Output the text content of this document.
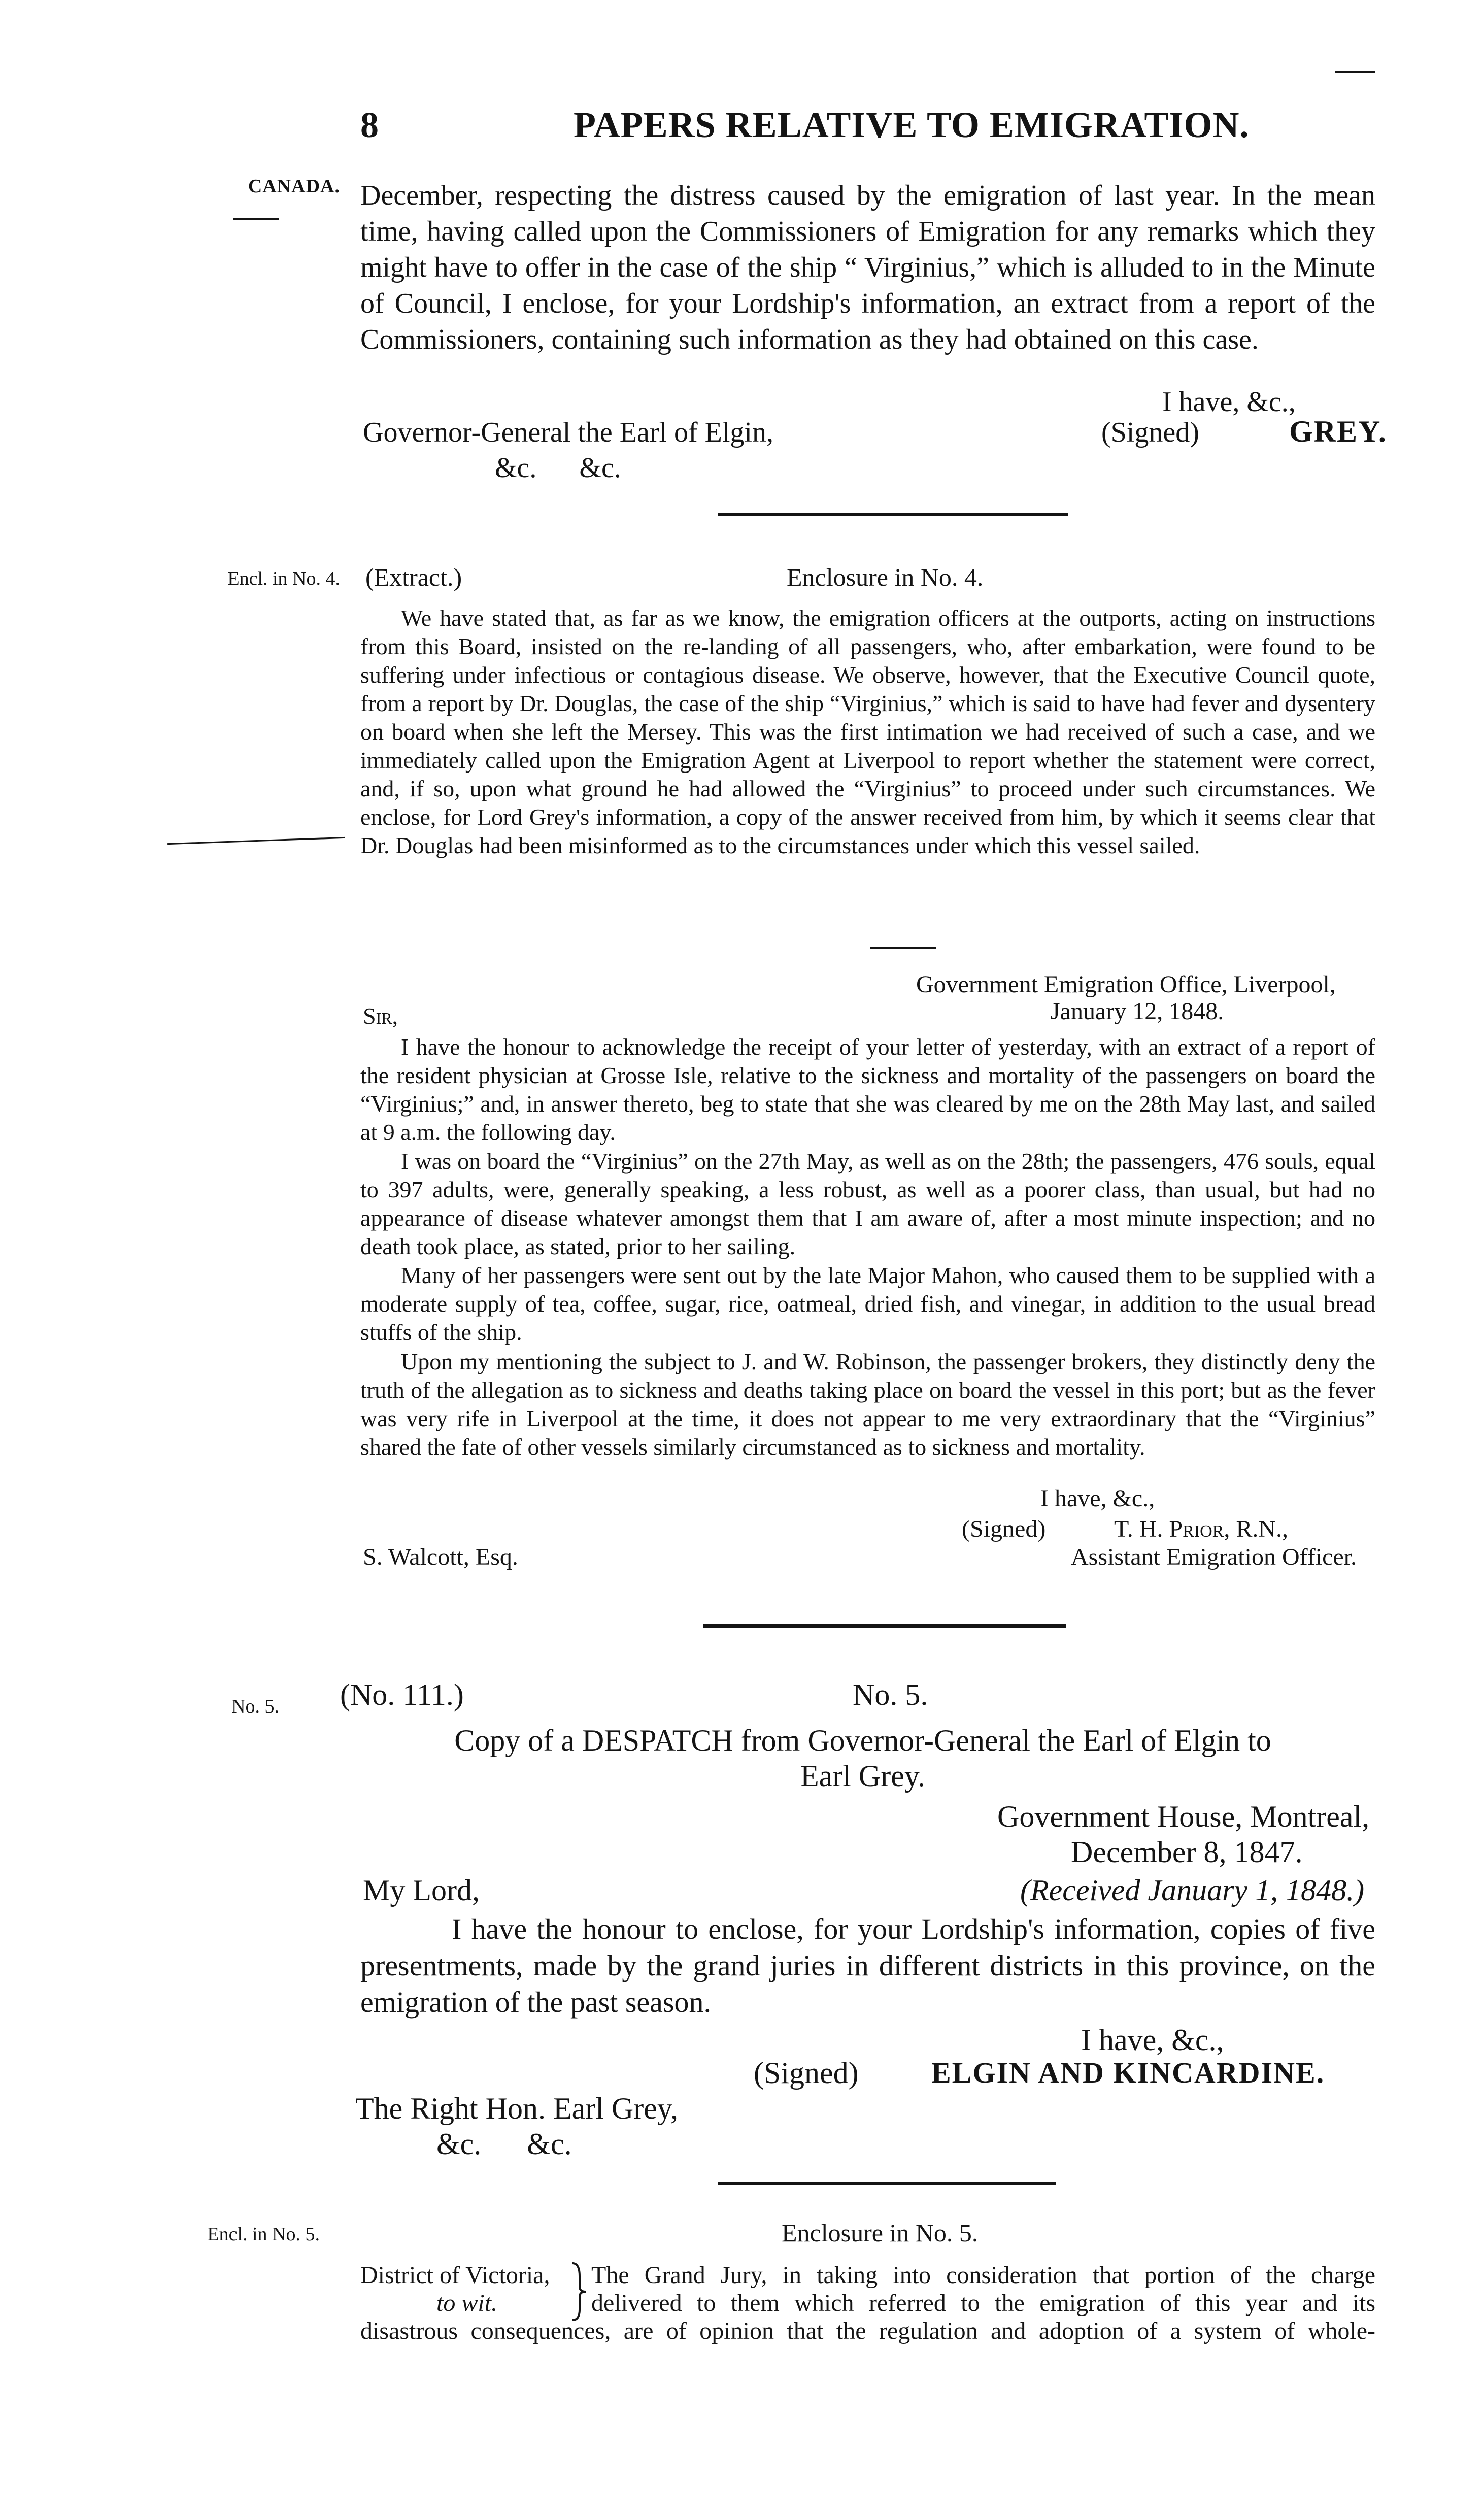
8	PAPERS RELATIVE TO EMIGRATION.
CANADA.
Encl. in No. 4.
No. 5.
Encl. in No. 5.
December, respecting the distress caused by the emigration of last year. In the mean time, having called upon the Commissioners of Emigration for any remarks which they might have to offer in the case of the ship “ Virginius,” which is alluded to in the Minute of Council, I enclose, for your Lordship's information, an extract from a report of the Commissioners, containing such information as they had obtained on this case.
I have, &c.,
(Signed)	GREY.
Governor-General the Earl of Elgin,
&c.      &c.
(Extract.)	Enclosure in No. 4.
We have stated that, as far as we know, the emigration officers at the outports, acting on instructions from this Board, insisted on the re-landing of all passengers, who, after embarkation, were found to be suffering under infectious or contagious disease. We observe, however, that the Executive Council quote, from a report by Dr. Douglas, the case of the ship “Virginius,” which is said to have had fever and dysentery on board when she left the Mersey. This was the first intimation we had received of such a case, and we immediately called upon the Emigration Agent at Liverpool to report whether the statement were correct, and, if so, upon what ground he had allowed the “Virginius” to proceed under such circumstances. We enclose, for Lord Grey's information, a copy of the answer received from him, by which it seems clear that Dr. Douglas had been misinformed as to the circumstances under which this vessel sailed.
Government Emigration Office, Liverpool,
January 12, 1848.
Sir,
I have the honour to acknowledge the receipt of your letter of yesterday, with an extract of a report of the resident physician at Grosse Isle, relative to the sickness and mortality of the passengers on board the “Virginius;” and, in answer thereto, beg to state that she was cleared by me on the 28th May last, and sailed at 9 a.m. the following day.
I was on board the “Virginius” on the 27th May, as well as on the 28th; the passengers, 476 souls, equal to 397 adults, were, generally speaking, a less robust, as well as a poorer class, than usual, but had no appearance of disease whatever amongst them that I am aware of, after a most minute inspection; and no death took place, as stated, prior to her sailing.
Many of her passengers were sent out by the late Major Mahon, who caused them to be supplied with a moderate supply of tea, coffee, sugar, rice, oatmeal, dried fish, and vinegar, in addition to the usual bread stuffs of the ship.
Upon my mentioning the subject to J. and W. Robinson, the passenger brokers, they distinctly deny the truth of the allegation as to sickness and deaths taking place on board the vessel in this port; but as the fever was very rife in Liverpool at the time, it does not appear to me very extraordinary that the “Virginius” shared the fate of other vessels similarly circumstanced as to sickness and mortality.
I have, &c.,
(Signed)	T. H. Prior, R.N.,
Assistant Emigration Officer.
S. Walcott, Esq.
(No. 111.)	No. 5.
Copy of a DESPATCH from Governor-General the Earl of Elgin to
Earl Grey.
Government House, Montreal,
December 8, 1847.
My Lord,	(Received January 1, 1848.)
I have the honour to enclose, for your Lordship's information, copies of five presentments, made by the grand juries in different districts in this province, on the emigration of the past season.
I have, &c.,
(Signed) ELGIN AND KINCARDINE.
The Right Hon. Earl Grey,
&c.      &c.
Enclosure in No. 5.
District of Victoria,
to wit.
The Grand Jury, in taking into consideration that portion of the charge
delivered to them which referred to the emigration of this year and its
disastrous consequences, are of opinion that the regulation and adoption of a system of whole-
